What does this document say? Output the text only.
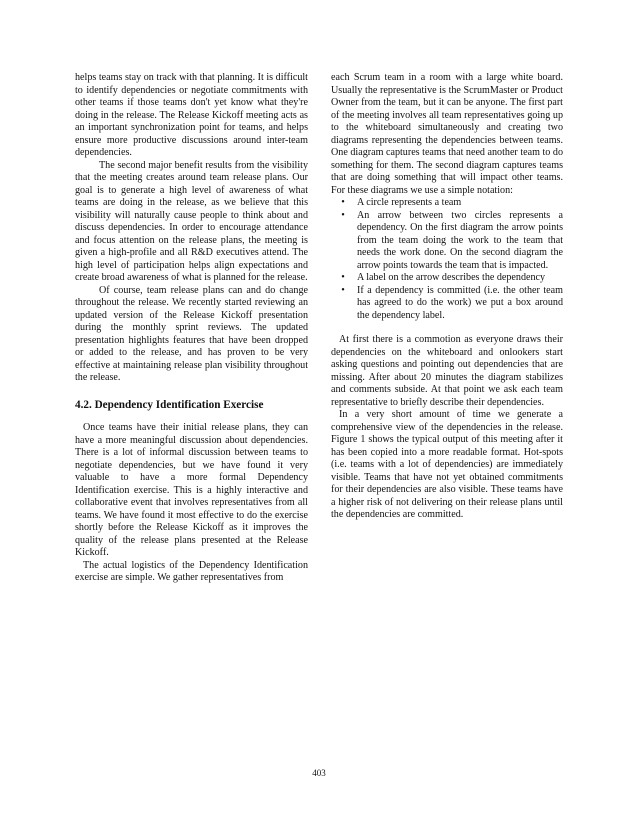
helps teams stay on track with that planning. It is difficult to identify dependencies or negotiate commitments with other teams if those teams don't yet know what they're doing in the release. The Release Kickoff meeting acts as an important synchronization point for teams, and helps ensure more productive discussions around inter-team dependencies.

The second major benefit results from the visibility that the meeting creates around team release plans. Our goal is to generate a high level of awareness of what teams are doing in the release, as we believe that this visibility will naturally cause people to think about and discuss dependencies. In order to encourage attendance and focus attention on the release plans, the meeting is given a high-profile and all R&D executives attend. The high level of participation helps align expectations and create broad awareness of what is planned for the release.

Of course, team release plans can and do change throughout the release. We recently started reviewing an updated version of the Release Kickoff presentation during the monthly sprint reviews. The updated presentation highlights features that have been dropped or added to the release, and has proven to be very effective at maintaining release plan visibility throughout the release.

4.2. Dependency Identification Exercise

Once teams have their initial release plans, they can have a more meaningful discussion about dependencies. There is a lot of informal discussion between teams to negotiate dependencies, but we have found it very valuable to have a more formal Dependency Identification exercise. This is a highly interactive and collaborative event that involves representatives from all teams. We have found it most effective to do the exercise shortly before the Release Kickoff as it improves the quality of the release plans presented at the Release Kickoff.

The actual logistics of the Dependency Identification exercise are simple. We gather representatives from

each Scrum team in a room with a large white board. Usually the representative is the ScrumMaster or Product Owner from the team, but it can be anyone. The first part of the meeting involves all team representatives going up to the whiteboard simultaneously and creating two diagrams representing the dependencies between teams. One diagram captures teams that need another team to do something for them. The second diagram captures teams that are doing something that will impact other teams. For these diagrams we use a simple notation:

• A circle represents a team
• An arrow between two circles represents a dependency. On the first diagram the arrow points from the team doing the work to the team that needs the work done. On the second diagram the arrow points towards the team that is impacted.
• A label on the arrow describes the dependency
• If a dependency is committed (i.e. the other team has agreed to do the work) we put a box around the dependency label.

At first there is a commotion as everyone draws their dependencies on the whiteboard and onlookers start asking questions and pointing out dependencies that are missing. After about 20 minutes the diagram stabilizes and comments subside. At that point we ask each team representative to briefly describe their dependencies.

In a very short amount of time we generate a comprehensive view of the dependencies in the release. Figure 1 shows the typical output of this meeting after it has been copied into a more readable format. Hot-spots (i.e. teams with a lot of dependencies) are immediately visible. Teams that have not yet obtained commitments for their dependencies are also visible. These teams have a higher risk of not delivering on their release plans until the dependencies are committed.

403
